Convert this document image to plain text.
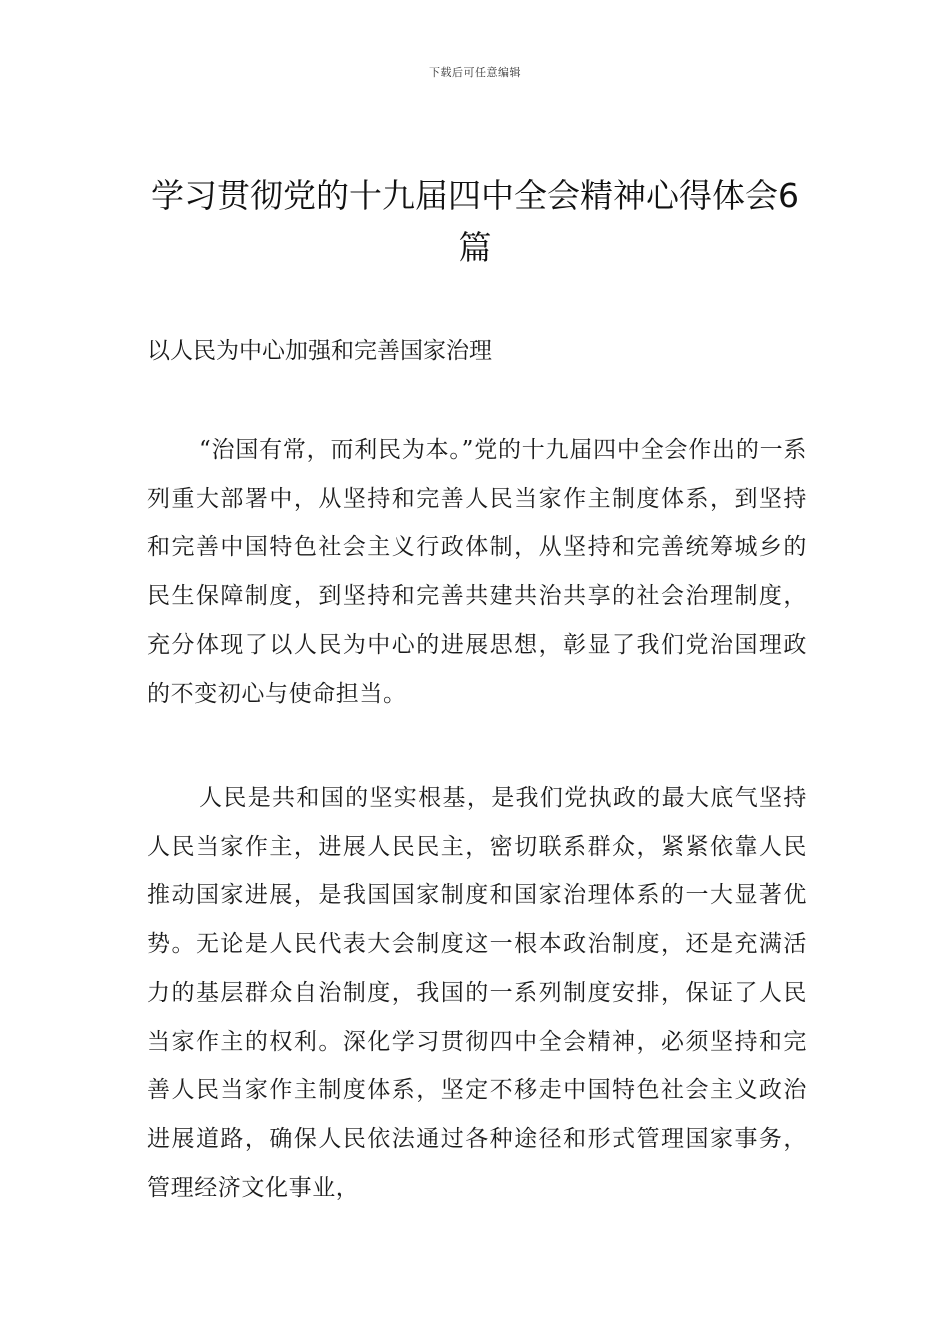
下载后可任意编辑
学习贯彻党的十九届四中全会精神心得体会6篇

以人民为中心加强和完善国家治理

“治国有常，而利民为本。”党的十九届四中全会作出的一系列重大部署中，从坚持和完善人民当家作主制度体系，到坚持和完善中国特色社会主义行政体制，从坚持和完善统筹城乡的民生保障制度，到坚持和完善共建共治共享的社会治理制度，充分体现了以人民为中心的进展思想，彰显了我们党治国理政的不变初心与使命担当。

人民是共和国的坚实根基，是我们党执政的最大底气坚持人民当家作主，进展人民民主，密切联系群众，紧紧依靠人民推动国家进展，是我国国家制度和国家治理体系的一大显著优势。无论是人民代表大会制度这一根本政治制度，还是充满活力的基层群众自治制度，我国的一系列制度安排，保证了人民当家作主的权利。深化学习贯彻四中全会精神，必须坚持和完善人民当家作主制度体系，坚定不移走中国特色社会主义政治进展道路，确保人民依法通过各种途径和形式管理国家事务，管理经济文化事业，
